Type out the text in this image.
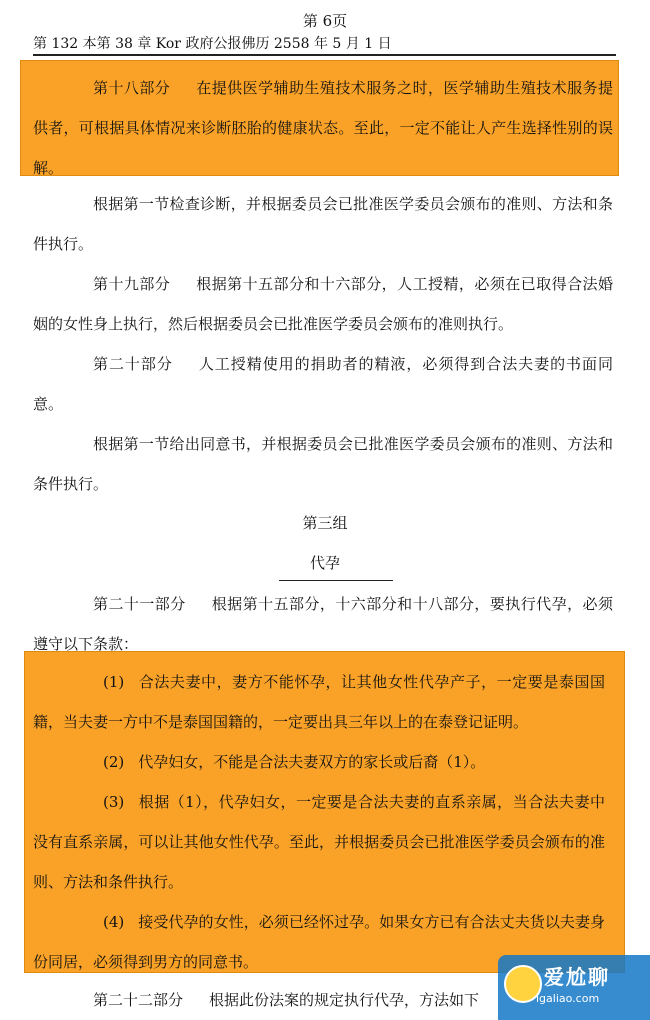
第 6页
第 132 本第 38 章 Kor 政府公报佛历 2558 年 5 月 1 日

第十八部分 在提供医学辅助生殖技术服务之时，医学辅助生殖技术服务提供者，可根据具体情况来诊断胚胎的健康状态。至此，一定不能让人产生选择性别的误解。

根据第一节检查诊断，并根据委员会已批准医学委员会颁布的准则、方法和条件执行。

第十九部分 根据第十五部分和十六部分，人工授精，必须在已取得合法婚姻的女性身上执行，然后根据委员会已批准医学委员会颁布的准则执行。

第二十部分 人工授精使用的捐助者的精液，必须得到合法夫妻的书面同意。

根据第一节给出同意书，并根据委员会已批准医学委员会颁布的准则、方法和条件执行。

第三组
代孕

第二十一部分 根据第十五部分，十六部分和十八部分，要执行代孕，必须遵守以下条款：

(1) 合法夫妻中，妻方不能怀孕，让其他女性代孕产子，一定要是泰国国籍，当夫妻一方中不是泰国国籍的，一定要出具三年以上的在泰登记证明。

(2) 代孕妇女，不能是合法夫妻双方的家长或后裔（1）。

(3) 根据（1），代孕妇女，一定要是合法夫妻的直系亲属，当合法夫妻中没有直系亲属，可以让其他女性代孕。至此，并根据委员会已批准医学委员会颁布的准则、方法和条件执行。

(4) 接受代孕的女性，必须已经怀过孕。如果女方已有合法丈夫货以夫妻身份同居，必须得到男方的同意书。

第二十二部分 根据此份法案的规定执行代孕，方法如下

爱尬聊
igaliao.com
